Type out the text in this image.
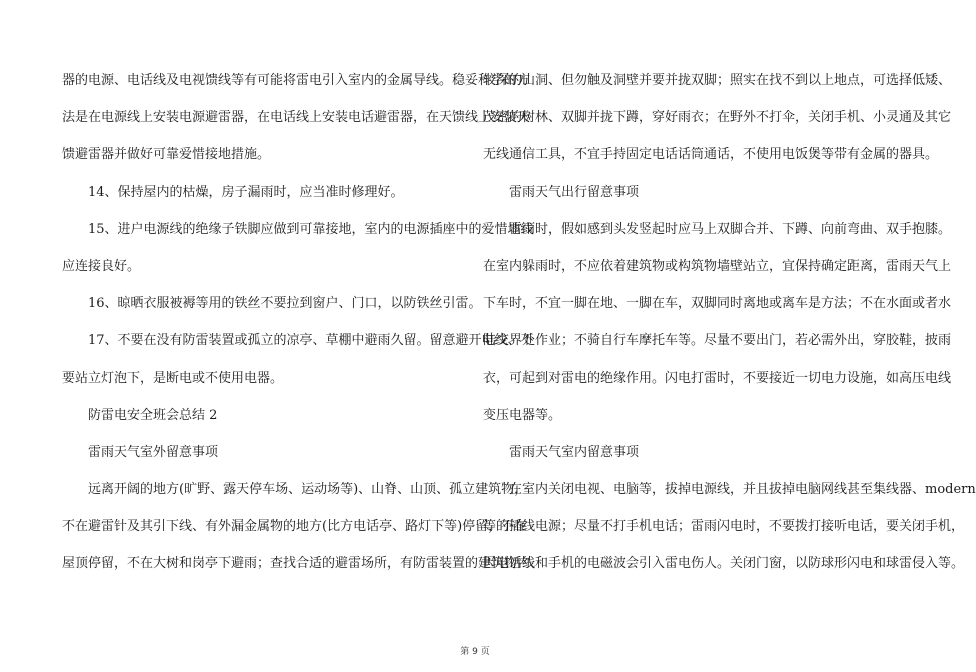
器的电源、电话线及电视馈线等有可能将雷电引入室内的金属导线。稳妥科学的方
法是在电源线上安装电源避雷器，在电话线上安装电话避雷器，在天馈线上安装天
馈避雷器并做好可靠爱惜接地措施。
14、保持屋内的枯燥，房子漏雨时，应当准时修理好。
15、进户电源线的绝缘子铁脚应做到可靠接地，室内的电源插座中的爱惜地线
应连接良好。
16、晾晒衣服被褥等用的铁丝不要拉到窗户、门口，以防铁丝引雷。
17、不要在没有防雷装置或孤立的凉亭、草棚中避雨久留。留意避开电线、不
要站立灯泡下，是断电或不使用电器。
防雷电安全班会总结 2
雷雨天气室外留意事项
远离开阔的地方(旷野、露天停车场、运动场等)、山脊、山顶、孤立建筑物，
不在避雷针及其引下线、有外漏金属物的地方(比方电话亭、路灯下等)停留，不在
屋顶停留，不在大树和岗亭下避雨；查找合适的避雷场所，有防雷装置的建筑物内、
较深的山洞、但勿触及洞壁并要并拢双脚；照实在找不到以上地点，可选择低矮、
茂密的树林、双脚并拢下蹲，穿好雨衣；在野外不打伞，关闭手机、小灵通及其它
无线通信工具，不宜手持固定电话话筒通话，不使用电饭煲等带有金属的器具。
雷雨天气出行留意事项
雷雨时，假如感到头发竖起时应马上双脚合并、下蹲、向前弯曲、双手抱膝。
在室内躲雨时，不应依着建筑物或构筑物墙壁站立，宜保持确定距离，雷雨天气上
下车时，不宜一脚在地、一脚在车，双脚同时离地或离车是方法；不在水面或者水
陆交界处作业；不骑自行车摩托车等。尽量不要出门，若必需外出，穿胶鞋，披雨
衣，可起到对雷电的绝缘作用。闪电打雷时，不要接近一切电力设施，如高压电线
变压电器等。
雷雨天气室内留意事项
在室内关闭电视、电脑等，拔掉电源线，并且拔掉电脑网线甚至集线器、modern
等的插线电源；尽量不打手机电话；雷雨闪电时，不要拨打接听电话，要关闭手机，
因电话线和手机的电磁波会引入雷电伤人。关闭门窗，以防球形闪电和球雷侵入等。
第 9 页
